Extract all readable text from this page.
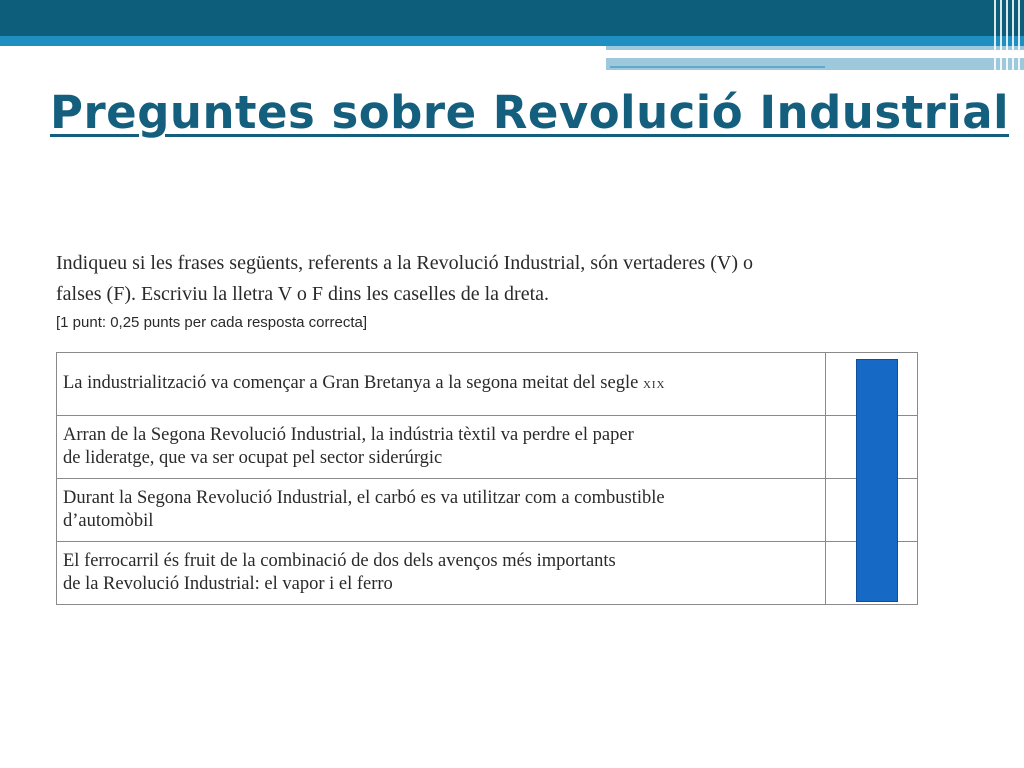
Preguntes sobre Revolució Industrial
Indiqueu si les frases següents, referents a la Revolució Industrial, són vertaderes (V) o
falses (F). Escriviu la lletra V o F dins les caselles de la dreta.
[1 punt: 0,25 punts per cada resposta correcta]
La industrialització va començar a Gran Bretanya a la segona meitat del segle xix	

Arran de la Segona Revolució Industrial, la indústria tèxtil va perdre el paper
de lideratge, que va ser ocupat pel sector siderúrgic	

Durant la Segona Revolució Industrial, el carbó es va utilitzar com a combustible
d’automòbil	

El ferrocarril és fruit de la combinació de dos dels avenços més importants
de la Revolució Industrial: el vapor i el ferro	
